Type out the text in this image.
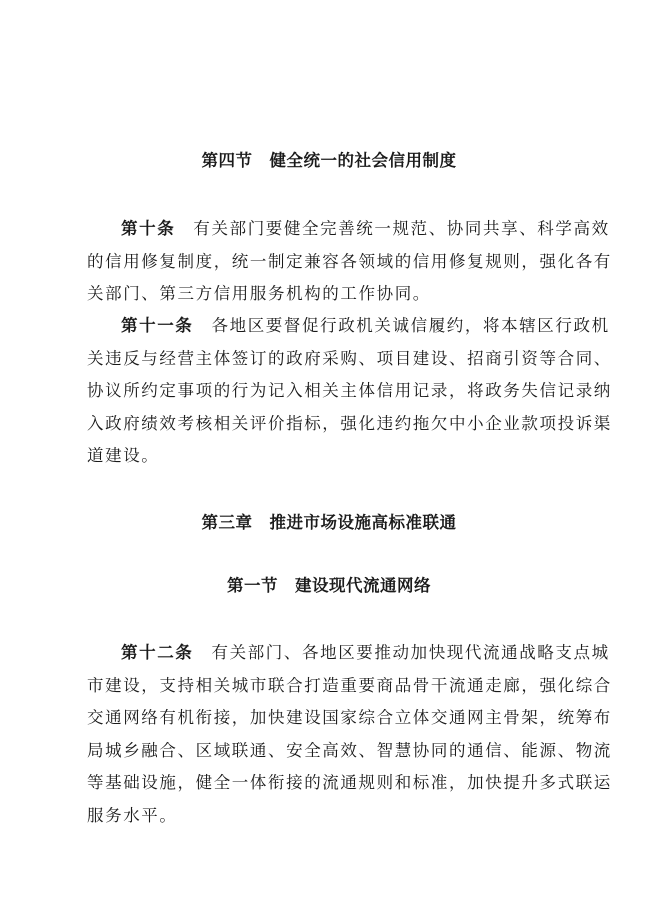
第四节　健全统一的社会信用制度
第十条　有关部门要健全完善统一规范、协同共享、科学高效
的信用修复制度，统一制定兼容各领域的信用修复规则，强化各有
关部门、第三方信用服务机构的工作协同。
第十一条　各地区要督促行政机关诚信履约，将本辖区行政机
关违反与经营主体签订的政府采购、项目建设、招商引资等合同、
协议所约定事项的行为记入相关主体信用记录，将政务失信记录纳
入政府绩效考核相关评价指标，强化违约拖欠中小企业款项投诉渠
道建设。
第三章　推进市场设施高标准联通
第一节　建设现代流通网络
第十二条　有关部门、各地区要推动加快现代流通战略支点城
市建设，支持相关城市联合打造重要商品骨干流通走廊，强化综合
交通网络有机衔接，加快建设国家综合立体交通网主骨架，统筹布
局城乡融合、区域联通、安全高效、智慧协同的通信、能源、物流
等基础设施，健全一体衔接的流通规则和标准，加快提升多式联运
服务水平。
